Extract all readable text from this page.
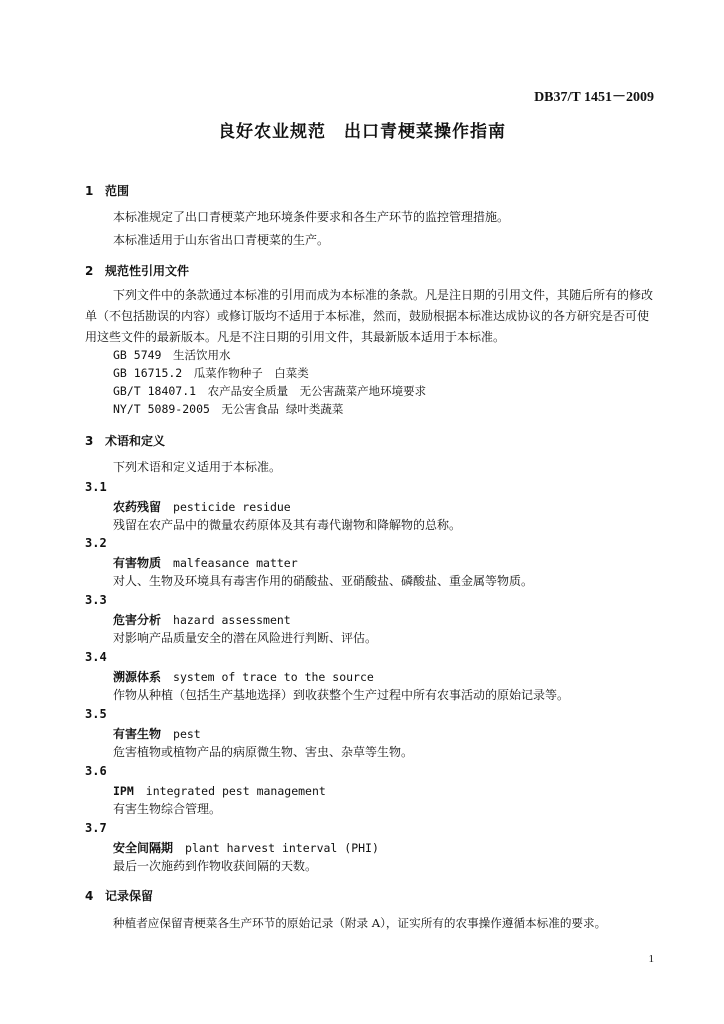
DB37/T 1451－2009
良好农业规范　出口青梗菜操作指南
1 范围
本标准规定了出口青梗菜产地环境条件要求和各生产环节的监控管理措施。
本标准适用于山东省出口青梗菜的生产。
2 规范性引用文件
下列文件中的条款通过本标准的引用而成为本标准的条款。凡是注日期的引用文件，其随后所有的修改单（不包括勘误的内容）或修订版均不适用于本标准，然而，鼓励根据本标准达成协议的各方研究是否可使用这些文件的最新版本。凡是不注日期的引用文件，其最新版本适用于本标准。
GB 5749　生活饮用水
GB 16715.2　瓜菜作物种子　白菜类
GB/T 18407.1　农产品安全质量　无公害蔬菜产地环境要求
NY/T 5089-2005　无公害食品 绿叶类蔬菜
3 术语和定义
下列术语和定义适用于本标准。
3.1
农药残留　 pesticide residue
残留在农产品中的微量农药原体及其有毒代谢物和降解物的总称。
3.2
有害物质　 malfeasance matter
对人、生物及环境具有毒害作用的硝酸盐、亚硝酸盐、磷酸盐、重金属等物质。
3.3
危害分析　 hazard assessment
对影响产品质量安全的潜在风险进行判断、评估。
3.4
溯源体系　 system of trace to the source
作物从种植（包括生产基地选择）到收获整个生产过程中所有农事活动的原始记录等。
3.5
有害生物　 pest
危害植物或植物产品的病原微生物、害虫、杂草等生物。
3.6
IPM　 integrated pest management
有害生物综合管理。
3.7
安全间隔期　 plant harvest interval (PHI)
最后一次施药到作物收获间隔的天数。
4 记录保留
种植者应保留青梗菜各生产环节的原始记录（附录 A），证实所有的农事操作遵循本标准的要求。
1
